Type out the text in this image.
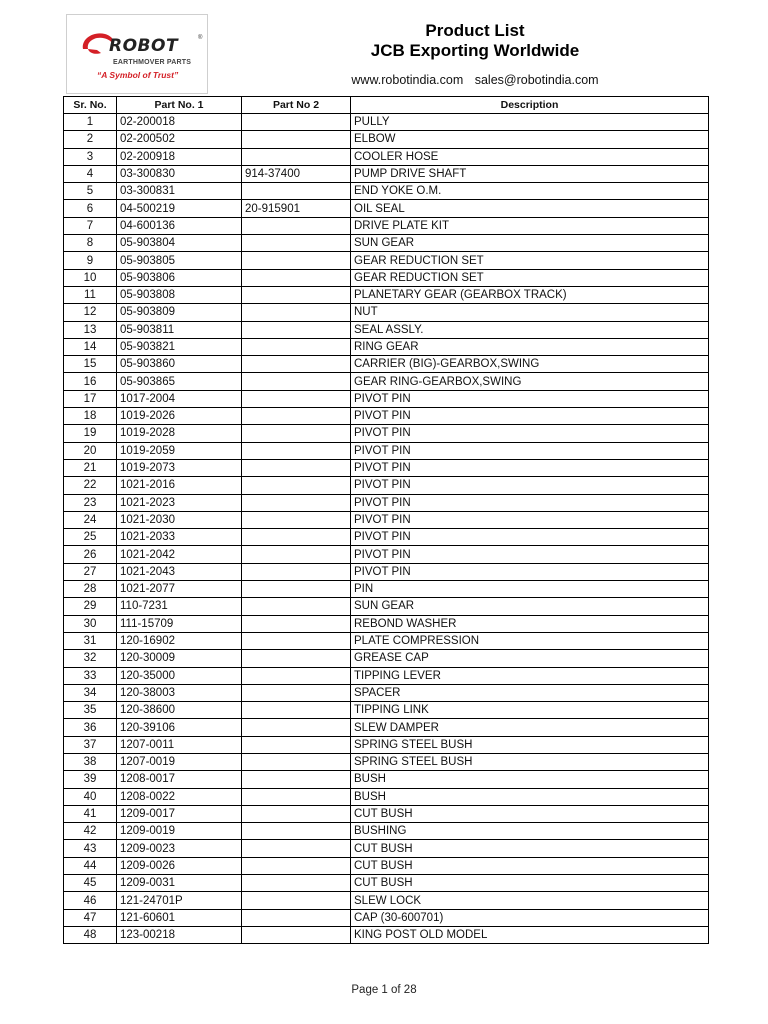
ROBOT	®
EARTHMOVER PARTS
“A Symbol of Trust”
Product List
JCB Exporting Worldwide
www.robotindia.com sales@robotindia.com
Sr. No.	Part No. 1	Part No 2	Description
1	02-200018		PULLY
2	02-200502		ELBOW
3	02-200918		COOLER HOSE
4	03-300830	914-37400	PUMP DRIVE SHAFT
5	03-300831		END YOKE O.M.
6	04-500219	20-915901	OIL SEAL
7	04-600136		DRIVE PLATE KIT
8	05-903804		SUN GEAR
9	05-903805		GEAR REDUCTION SET
10	05-903806		GEAR REDUCTION SET
11	05-903808		PLANETARY GEAR (GEARBOX TRACK)
12	05-903809		NUT
13	05-903811		SEAL ASSLY.
14	05-903821		RING GEAR
15	05-903860		CARRIER (BIG)-GEARBOX,SWING
16	05-903865		GEAR RING-GEARBOX,SWING
17	1017-2004		PIVOT PIN
18	1019-2026		PIVOT PIN
19	1019-2028		PIVOT PIN
20	1019-2059		PIVOT PIN
21	1019-2073		PIVOT PIN
22	1021-2016		PIVOT PIN
23	1021-2023		PIVOT PIN
24	1021-2030		PIVOT PIN
25	1021-2033		PIVOT PIN
26	1021-2042		PIVOT PIN
27	1021-2043		PIVOT PIN
28	1021-2077		PIN
29	110-7231		SUN GEAR
30	111-15709		REBOND WASHER
31	120-16902		PLATE COMPRESSION
32	120-30009		GREASE CAP
33	120-35000		TIPPING LEVER
34	120-38003		SPACER
35	120-38600		TIPPING LINK
36	120-39106		SLEW DAMPER
37	1207-0011		SPRING STEEL BUSH
38	1207-0019		SPRING STEEL BUSH
39	1208-0017		BUSH
40	1208-0022		BUSH
41	1209-0017		CUT BUSH
42	1209-0019		BUSHING
43	1209-0023		CUT BUSH
44	1209-0026		CUT BUSH
45	1209-0031		CUT BUSH
46	121-24701P		SLEW LOCK
47	121-60601		CAP (30-600701)
48	123-00218		KING POST OLD MODEL
Page 1 of 28
